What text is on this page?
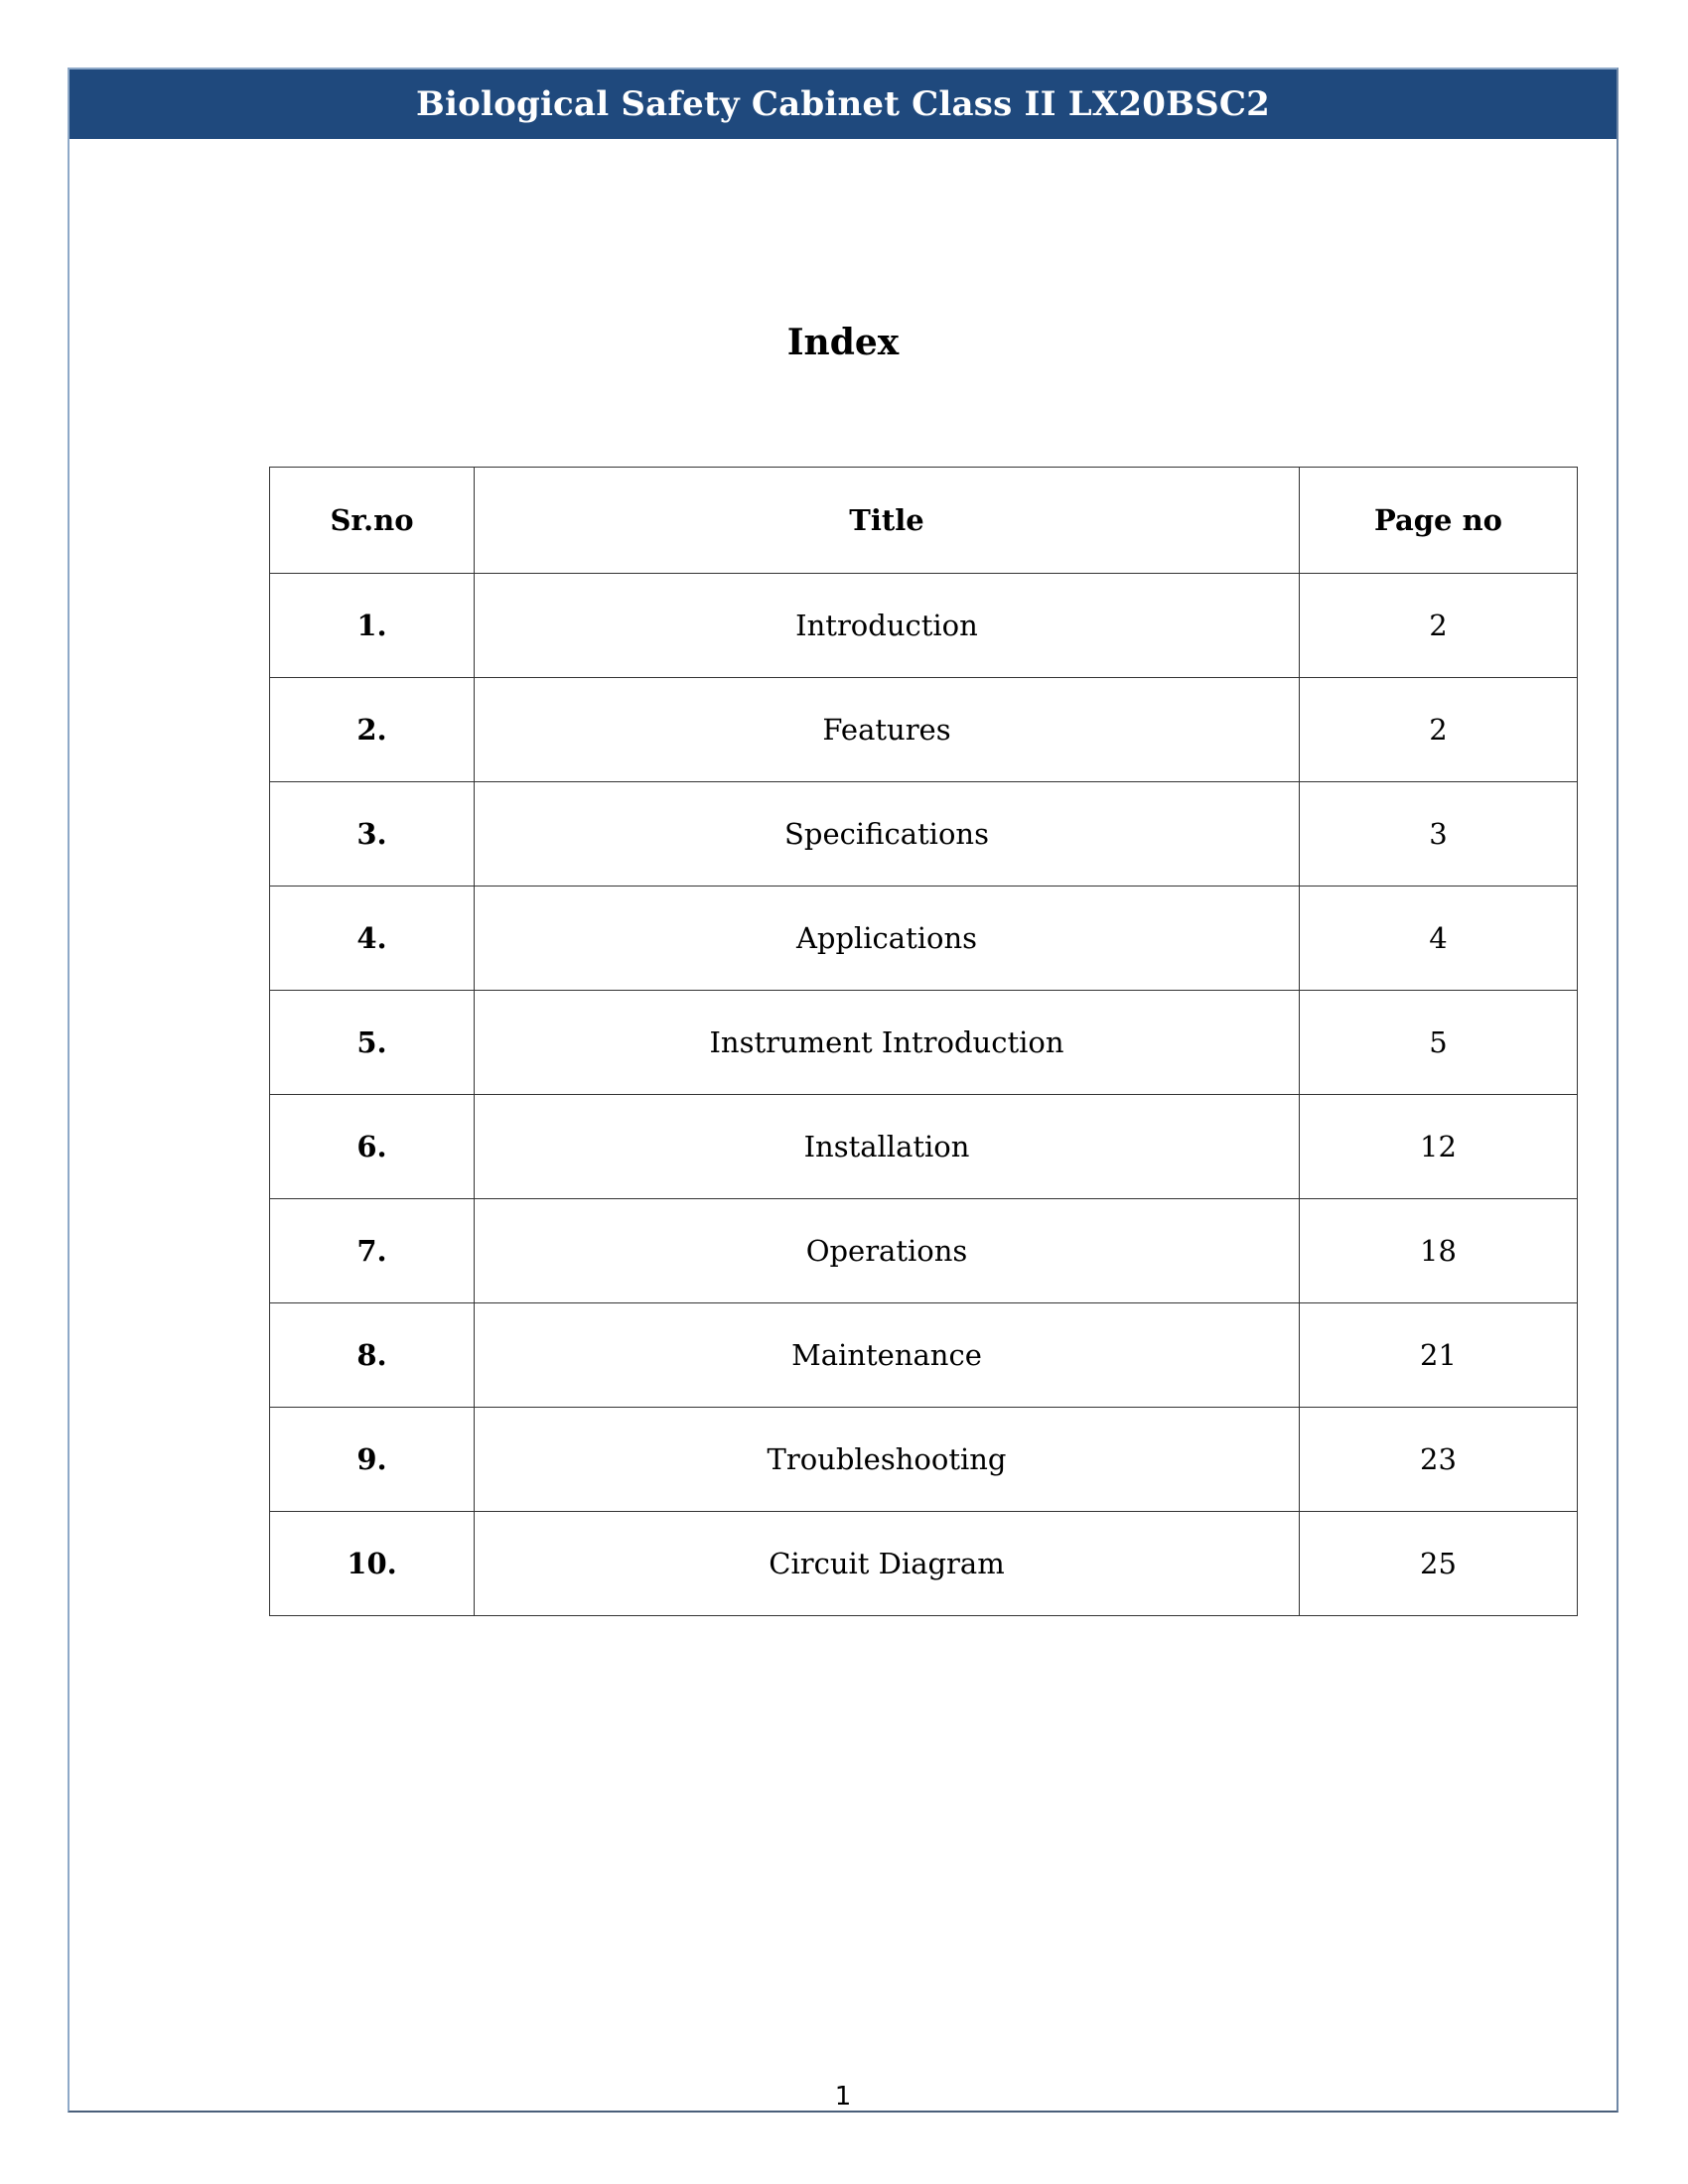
Biological Safety Cabinet Class II LX20BSC2
Index
Sr.no	Title	Page no
1.	Introduction	2
2.	Features	2
3.	Specifications	3
4.	Applications	4
5.	Instrument Introduction	5
6.	Installation	12
7.	Operations	18
8.	Maintenance	21
9.	Troubleshooting	23
10.	Circuit Diagram	25
1
